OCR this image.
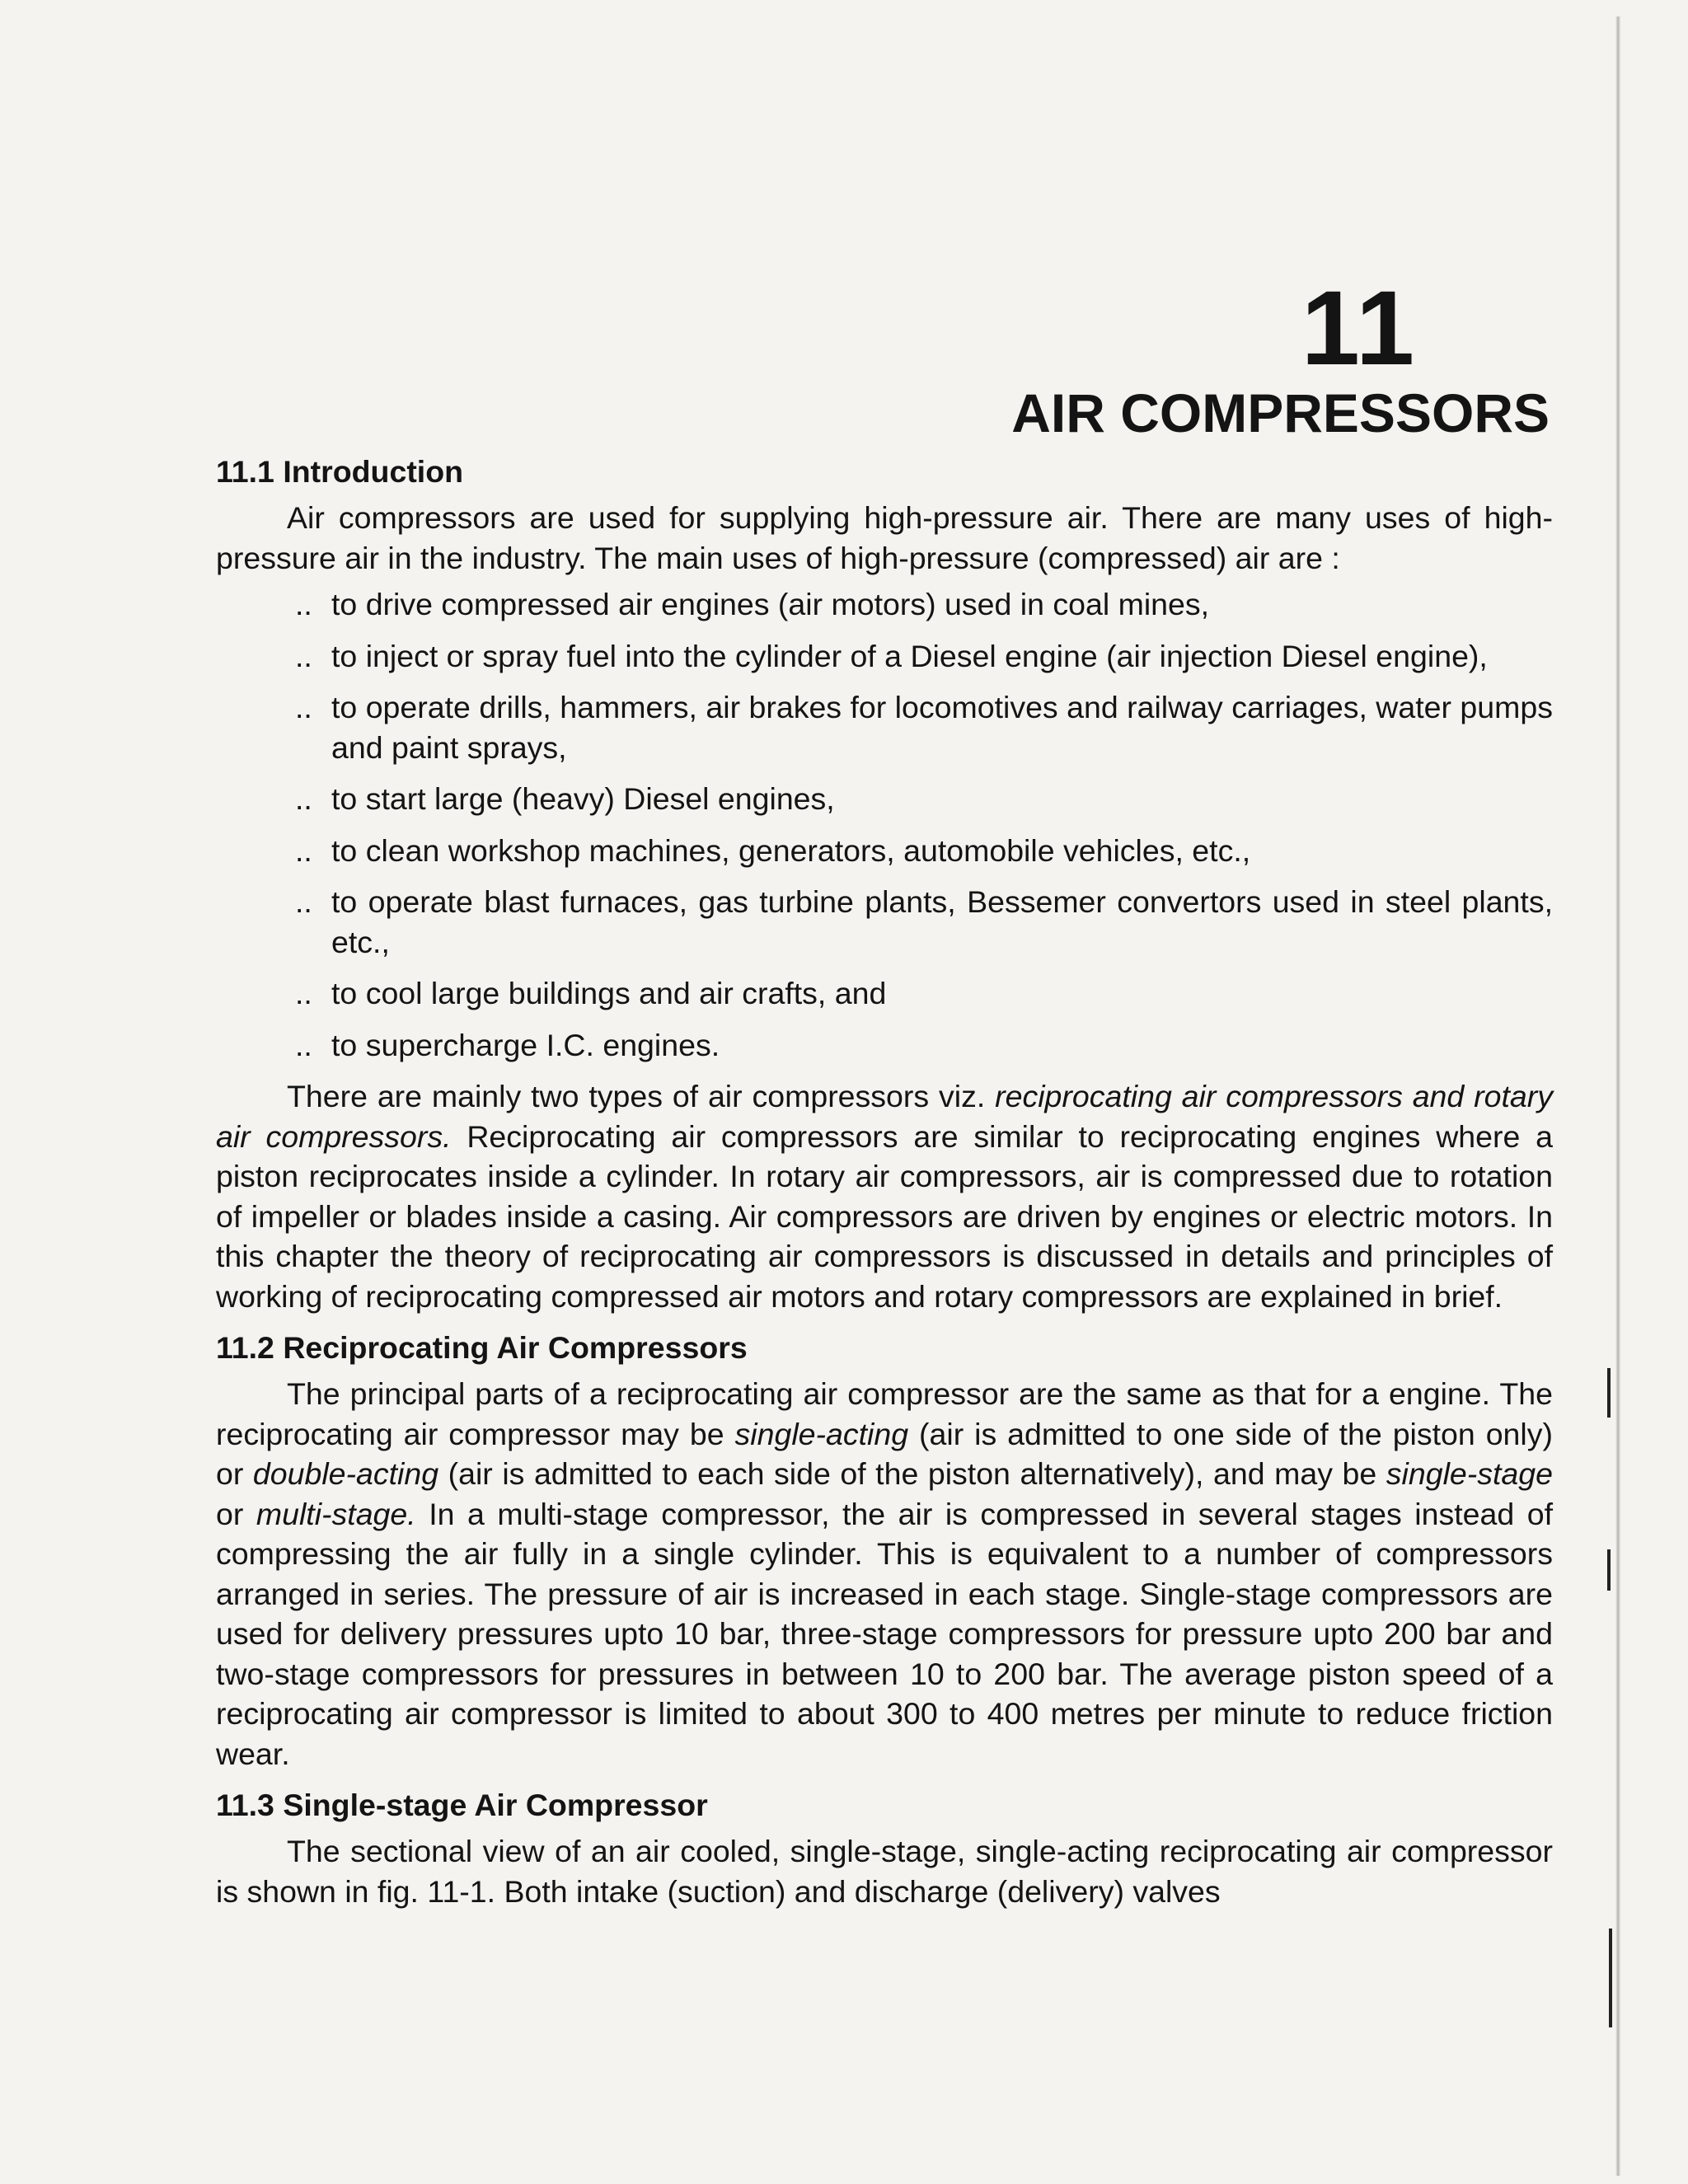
11
AIR COMPRESSORS
11.1 Introduction

Air compressors are used for supplying high-pressure air. There are many uses of high-pressure air in the industry. The main uses of high-pressure (compressed) air are :

.. to drive compressed air engines (air motors) used in coal mines,
.. to inject or spray fuel into the cylinder of a Diesel engine (air injection Diesel engine),
.. to operate drills, hammers, air brakes for locomotives and railway carriages, water pumps and paint sprays,
.. to start large (heavy) Diesel engines,
.. to clean workshop machines, generators, automobile vehicles, etc.,
.. to operate blast furnaces, gas turbine plants, Bessemer convertors used in steel plants, etc.,
.. to cool large buildings and air crafts, and
.. to supercharge I.C. engines.

There are mainly two types of air compressors viz. reciprocating air compressors and rotary air compressors. Reciprocating air compressors are similar to reciprocating engines where a piston reciprocates inside a cylinder. In rotary air compressors, air is compressed due to rotation of impeller or blades inside a casing. Air compressors are driven by engines or electric motors. In this chapter the theory of reciprocating air compressors is discussed in details and principles of working of reciprocating compressed air motors and rotary compressors are explained in brief.

11.2 Reciprocating Air Compressors

The principal parts of a reciprocating air compressor are the same as that for a engine. The reciprocating air compressor may be single-acting (air is admitted to one side of the piston only) or double-acting (air is admitted to each side of the piston alternatively), and may be single-stage or multi-stage. In a multi-stage compressor, the air is compressed in several stages instead of compressing the air fully in a single cylinder. This is equivalent to a number of compressors arranged in series. The pressure of air is increased in each stage. Single-stage compressors are used for delivery pressures upto 10 bar, three-stage compressors for pressure upto 200 bar and two-stage compressors for pressures in between 10 to 200 bar. The average piston speed of a reciprocating air compressor is limited to about 300 to 400 metres per minute to reduce friction wear.

11.3 Single-stage Air Compressor

The sectional view of an air cooled, single-stage, single-acting reciprocating air compressor is shown in fig. 11-1. Both intake (suction) and discharge (delivery) valves
